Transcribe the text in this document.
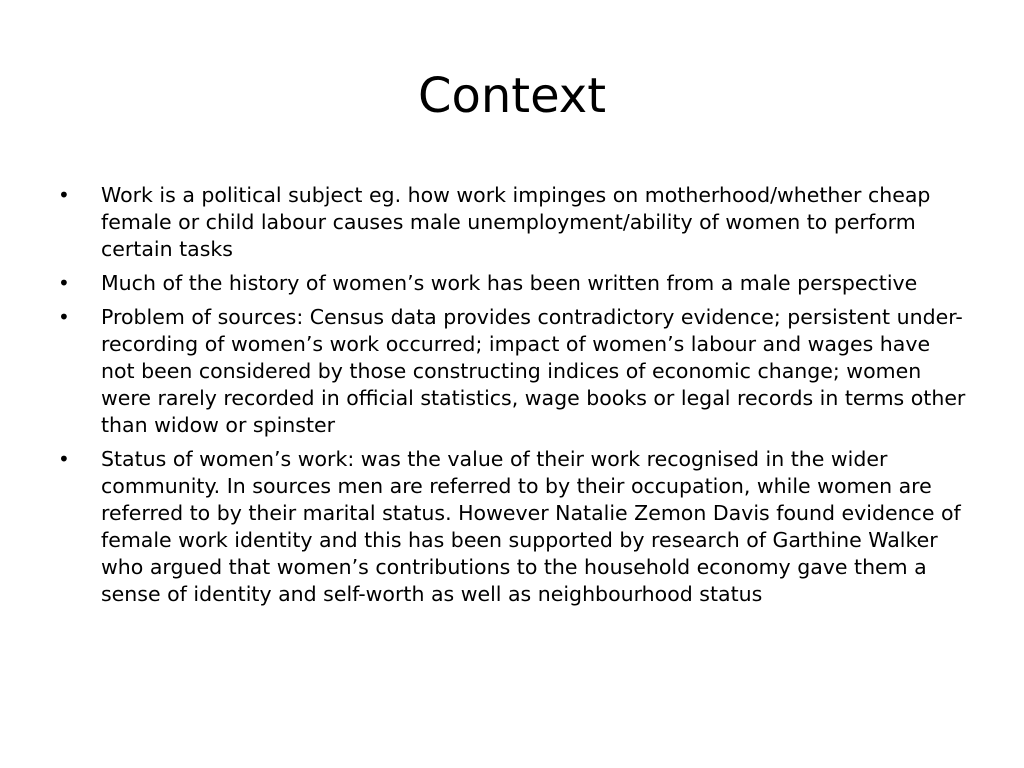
Context
•	Work is a political subject eg. how work impinges on motherhood/whether cheap female or child labour causes male unemployment/ability of women to perform certain tasks
•	Much of the history of women’s work has been written from a male perspective
•	Problem of sources: Census data provides contradictory evidence; persistent under-recording of women’s work occurred; impact of women’s labour and wages have not been considered by those constructing indices of economic change; women were rarely recorded in official statistics, wage books or legal records in terms other than widow or spinster
•	Status of women’s work: was the value of their work recognised in the wider community. In sources men are referred to by their occupation, while women are referred to by their marital status. However Natalie Zemon Davis found evidence of female work identity and this has been supported by research of Garthine Walker who argued that women’s contributions to the household economy gave them a sense of identity and self-worth as well as neighbourhood status
